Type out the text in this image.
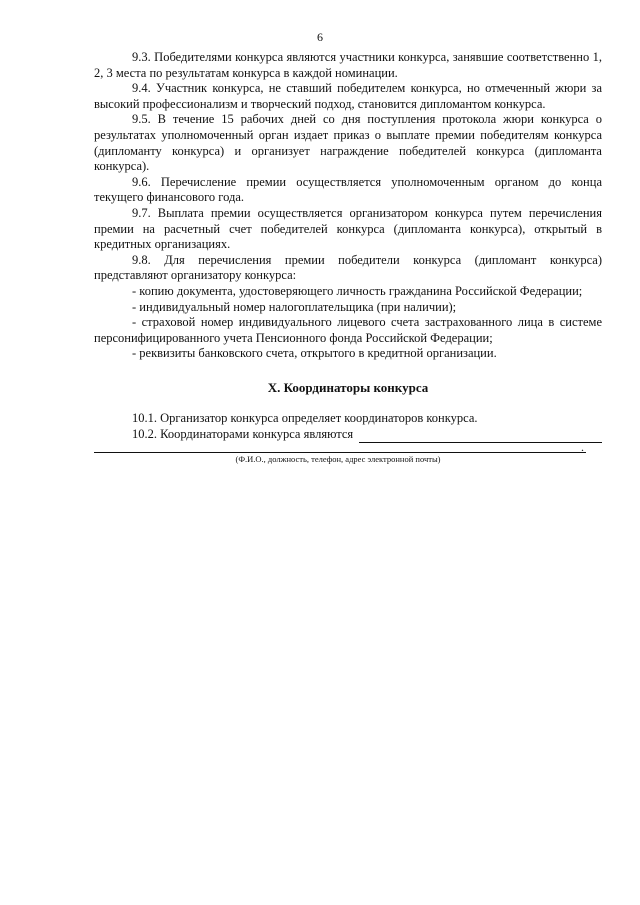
6

9.3. Победителями конкурса являются участники конкурса, занявшие соответственно 1, 2, 3 места по результатам конкурса в каждой номинации.

9.4. Участник конкурса, не ставший победителем конкурса, но отмеченный жюри за высокий профессионализм и творческий подход, становится дипломантом конкурса.

9.5. В течение 15 рабочих дней со дня поступления протокола жюри конкурса о результатах уполномоченный орган издает приказ о выплате премии победителям конкурса (дипломанту конкурса) и организует награждение победителей конкурса (дипломанта конкурса).

9.6. Перечисление премии осуществляется уполномоченным органом до конца текущего финансового года.

9.7. Выплата премии осуществляется организатором конкурса путем перечисления премии на расчетный счет победителей конкурса (дипломанта конкурса), открытый в кредитных организациях.

9.8. Для перечисления премии победители конкурса (дипломант конкурса) представляют организатору конкурса:

- копию документа, удостоверяющего личность гражданина Российской Федерации;

- индивидуальный номер налогоплательщика (при наличии);

- страховой номер индивидуального лицевого счета застрахованного лица в системе персонифицированного учета Пенсионного фонда Российской Федерации;

- реквизиты банковского счета, открытого в кредитной организации.

X. Координаторы конкурса

10.1. Организатор конкурса определяет координаторов конкурса.

10.2. Координаторами конкурса являются

.
(Ф.И.О., должность, телефон, адрес электронной почты)
